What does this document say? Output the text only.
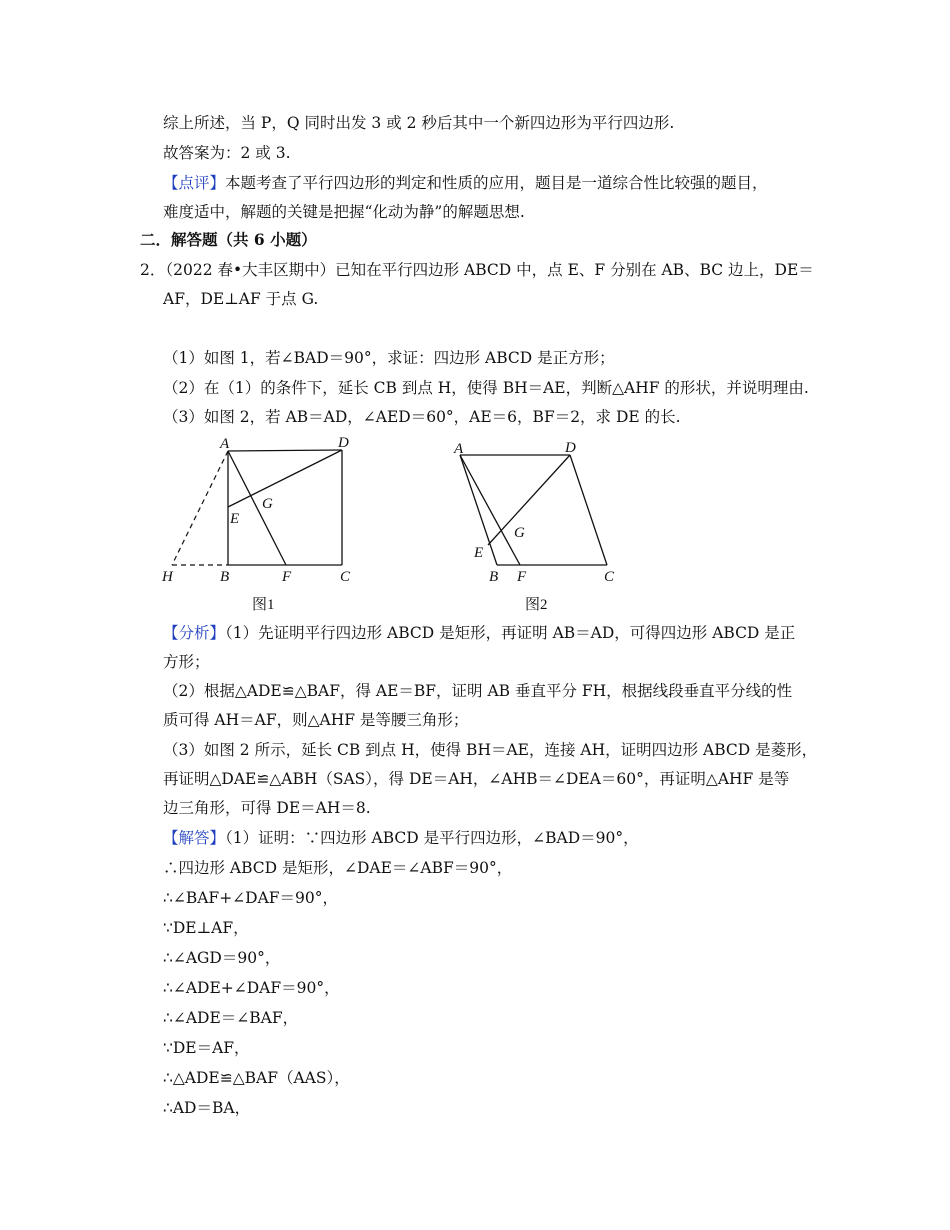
综上所述，当 P，Q 同时出发 3 或 2 秒后其中一个新四边形为平行四边形.
故答案为：2 或 3.
【点评】本题考查了平行四边形的判定和性质的应用，题目是一道综合性比较强的题目，
难度适中，解题的关键是把握“化动为静”的解题思想.
二．解答题（共 6 小题）
2．（2022 春•大丰区期中）已知在平行四边形 ABCD 中，点 E、F 分别在 AB、BC 边上，DE＝
AF，DE⊥AF 于点 G.
（1）如图 1，若∠BAD＝90°，求证：四边形 ABCD 是正方形；
（2）在（1）的条件下，延长 CB 到点 H，使得 BH＝AE，判断△AHF 的形状，并说明理由.
（3）如图 2，若 AB＝AD，∠AED＝60°，AE＝6，BF＝2，求 DE 的长.
A	D
G
E
H	B	F	C
图1
A	D
G
E
B F	C
图2
【分析】（1）先证明平行四边形 ABCD 是矩形，再证明 AB＝AD，可得四边形 ABCD 是正
方形；
（2）根据△ADE≌△BAF，得 AE＝BF，证明 AB 垂直平分 FH，根据线段垂直平分线的性
质可得 AH＝AF，则△AHF 是等腰三角形；
（3）如图 2 所示，延长 CB 到点 H，使得 BH＝AE，连接 AH，证明四边形 ABCD 是菱形，
再证明△DAE≌△ABH（SAS），得 DE＝AH，∠AHB＝∠DEA＝60°，再证明△AHF 是等
边三角形，可得 DE＝AH＝8.
【解答】（1）证明：∵四边形 ABCD 是平行四边形，∠BAD＝90°，
∴四边形 ABCD 是矩形，∠DAE＝∠ABF＝90°，
∴∠BAF+∠DAF＝90°，
∵DE⊥AF，
∴∠AGD＝90°，
∴∠ADE+∠DAF＝90°，
∴∠ADE＝∠BAF，
∵DE＝AF，
∴△ADE≌△BAF（AAS），
∴AD＝BA，
